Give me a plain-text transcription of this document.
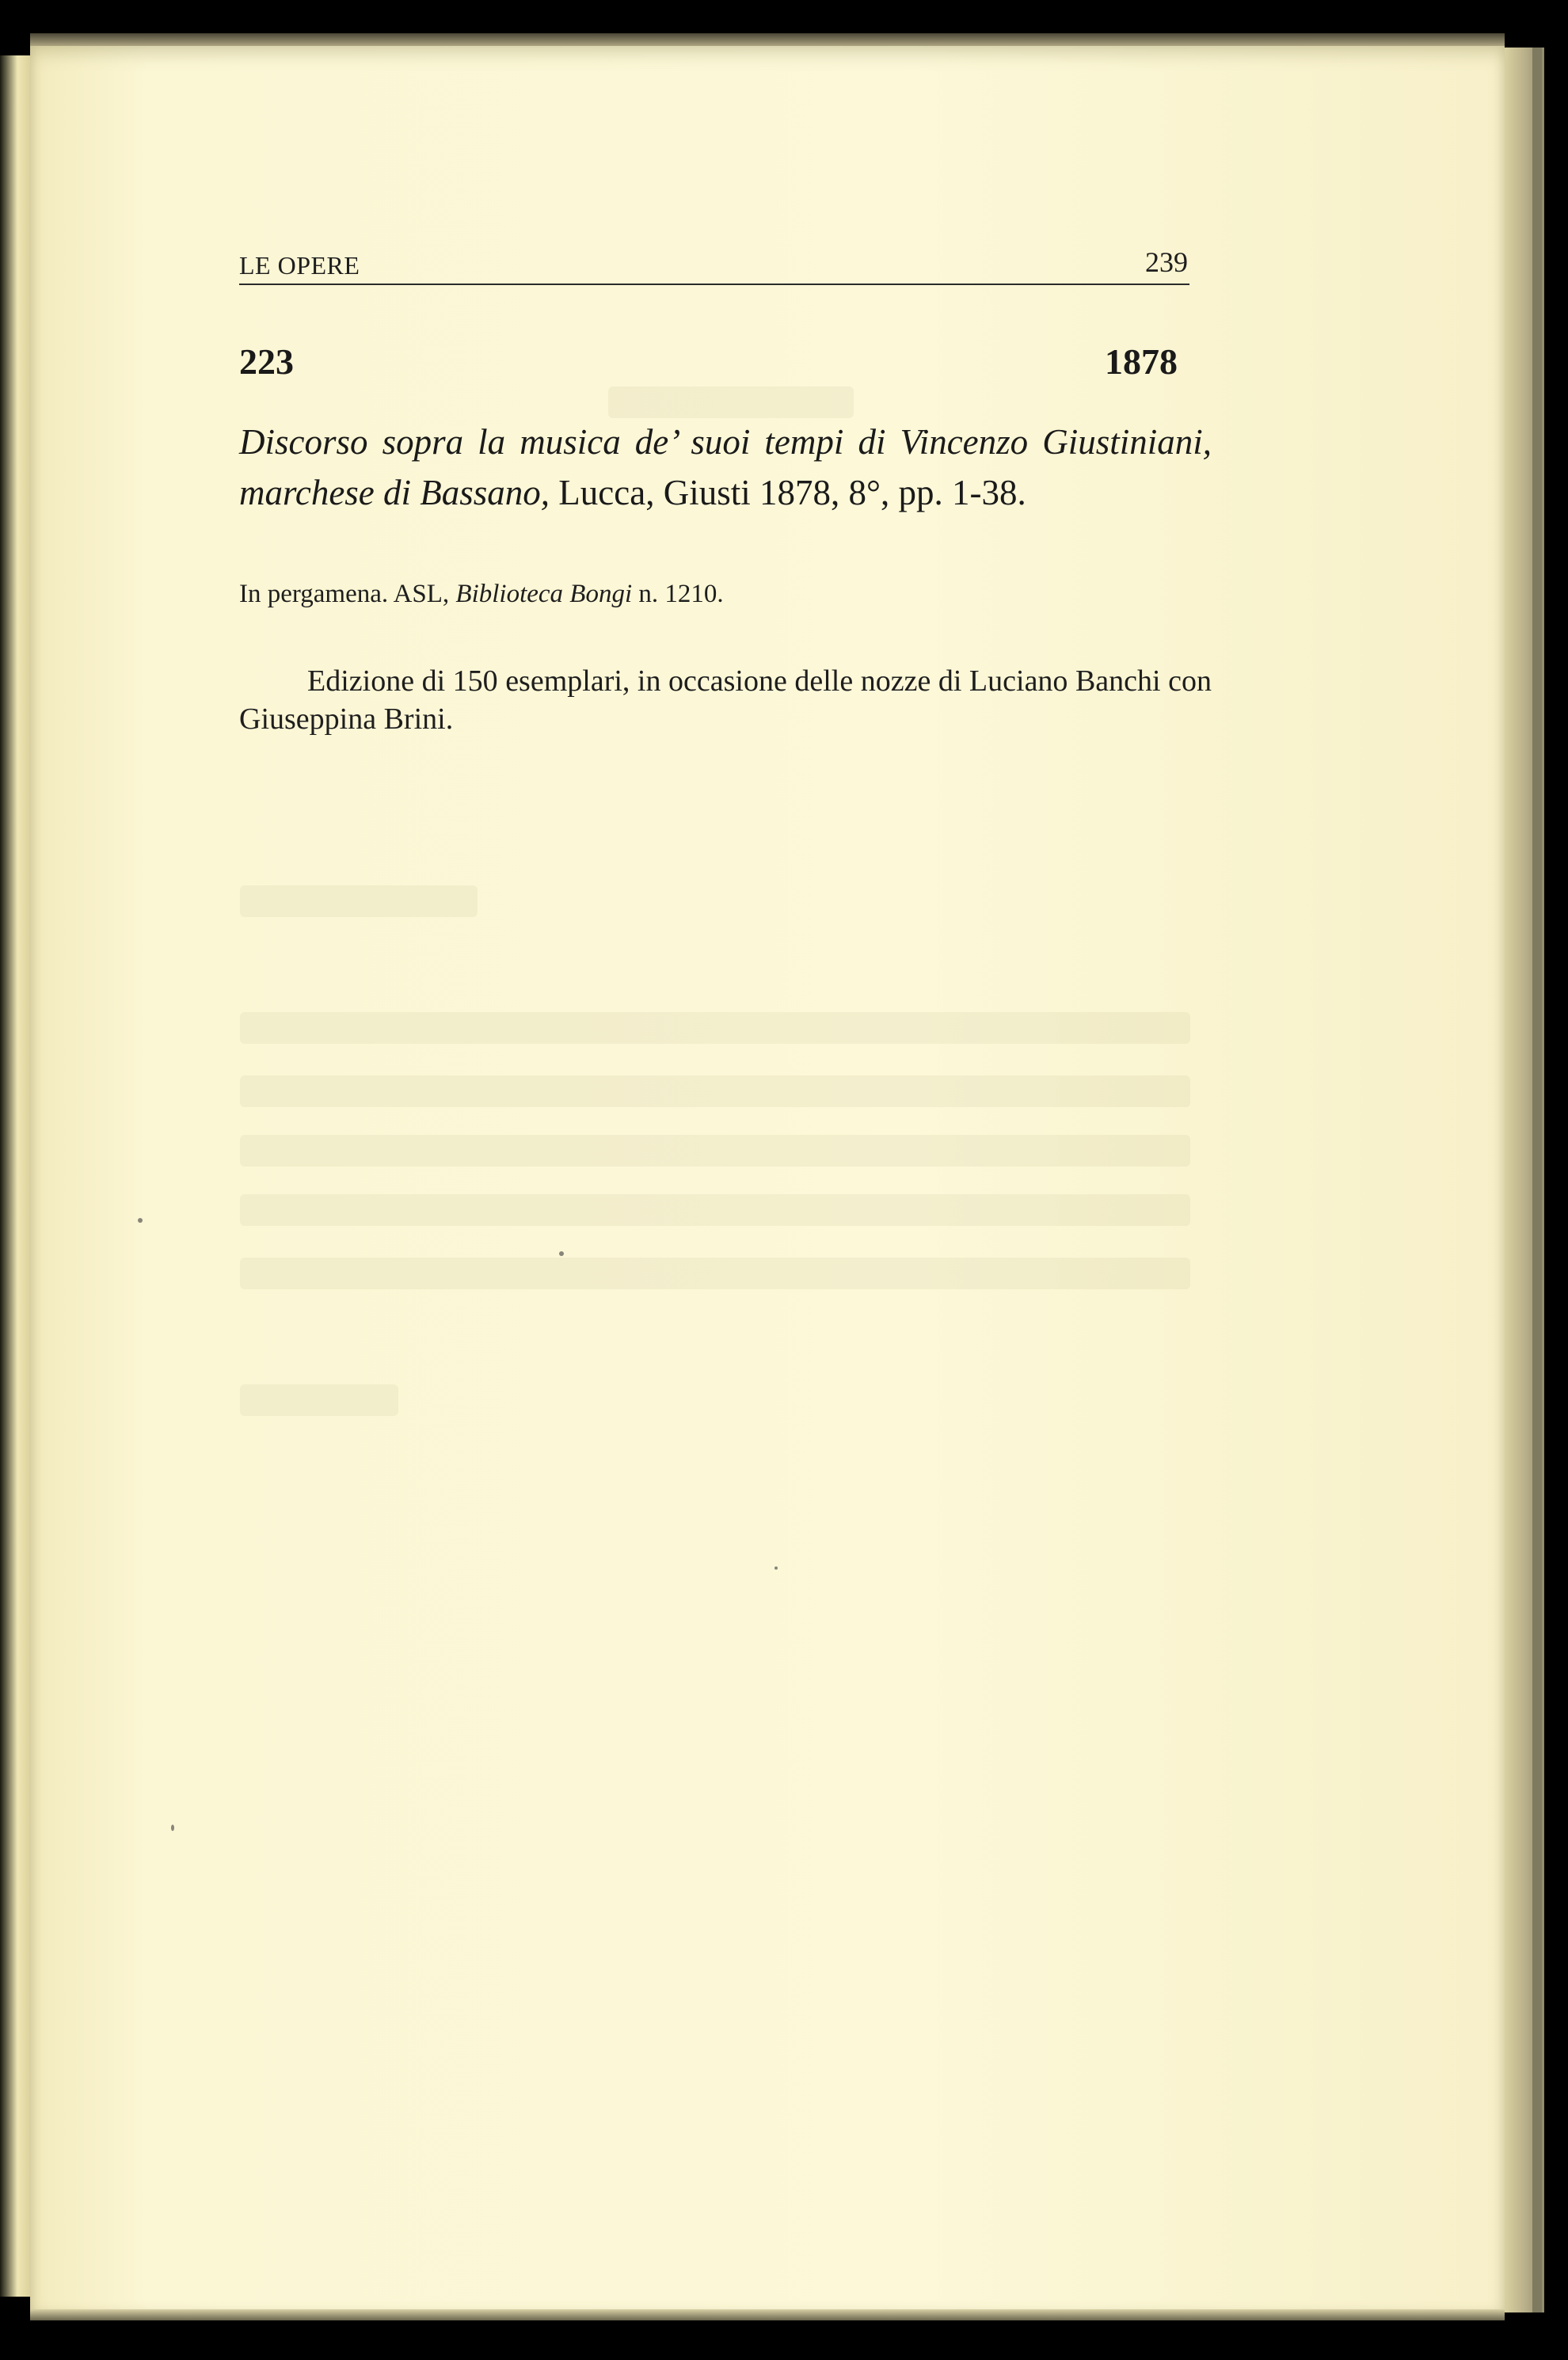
LE OPERE	239
223	1878
Discorso sopra la musica de’ suoi tempi di Vincenzo Giustiniani, marchese di Bassano, Lucca, Giusti 1878, 8°, pp. 1-38.
In pergamena. ASL, Biblioteca Bongi n. 1210.
Edizione di 150 esemplari, in occasione delle nozze di Luciano Banchi con Giuseppina Brini.
